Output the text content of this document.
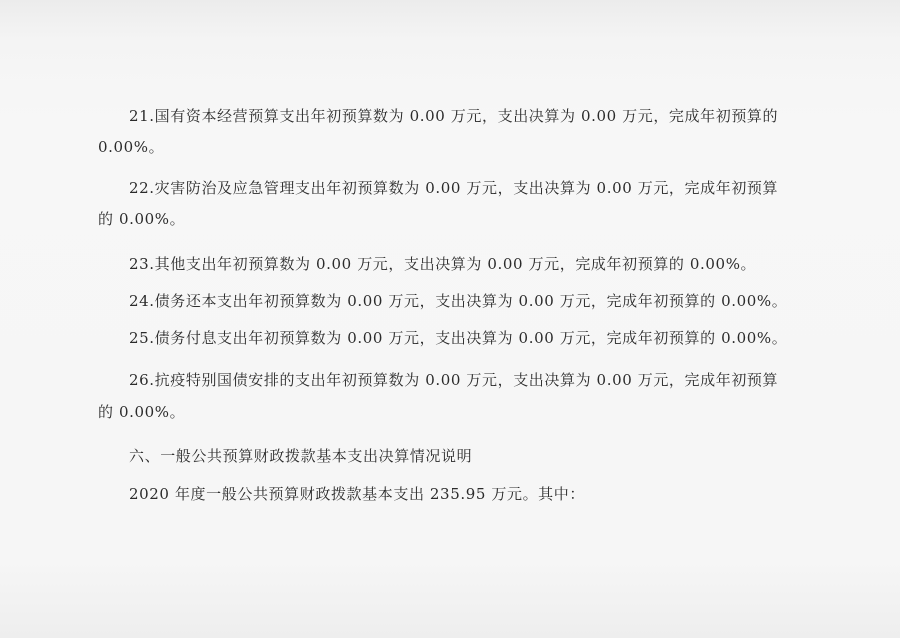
21.国有资本经营预算支出年初预算数为 0.00 万元，支出决算为 0.00 万元，完成年初预算的
0.00%。
22.灾害防治及应急管理支出年初预算数为 0.00 万元，支出决算为 0.00 万元，完成年初预算
的 0.00%。
23.其他支出年初预算数为 0.00 万元，支出决算为 0.00 万元，完成年初预算的 0.00%。
24.债务还本支出年初预算数为 0.00 万元，支出决算为 0.00 万元，完成年初预算的 0.00%。
25.债务付息支出年初预算数为 0.00 万元，支出决算为 0.00 万元，完成年初预算的 0.00%。
26.抗疫特别国债安排的支出年初预算数为 0.00 万元，支出决算为 0.00 万元，完成年初预算
的 0.00%。
六、一般公共预算财政拨款基本支出决算情况说明
2020 年度一般公共预算财政拨款基本支出 235.95 万元。其中：
